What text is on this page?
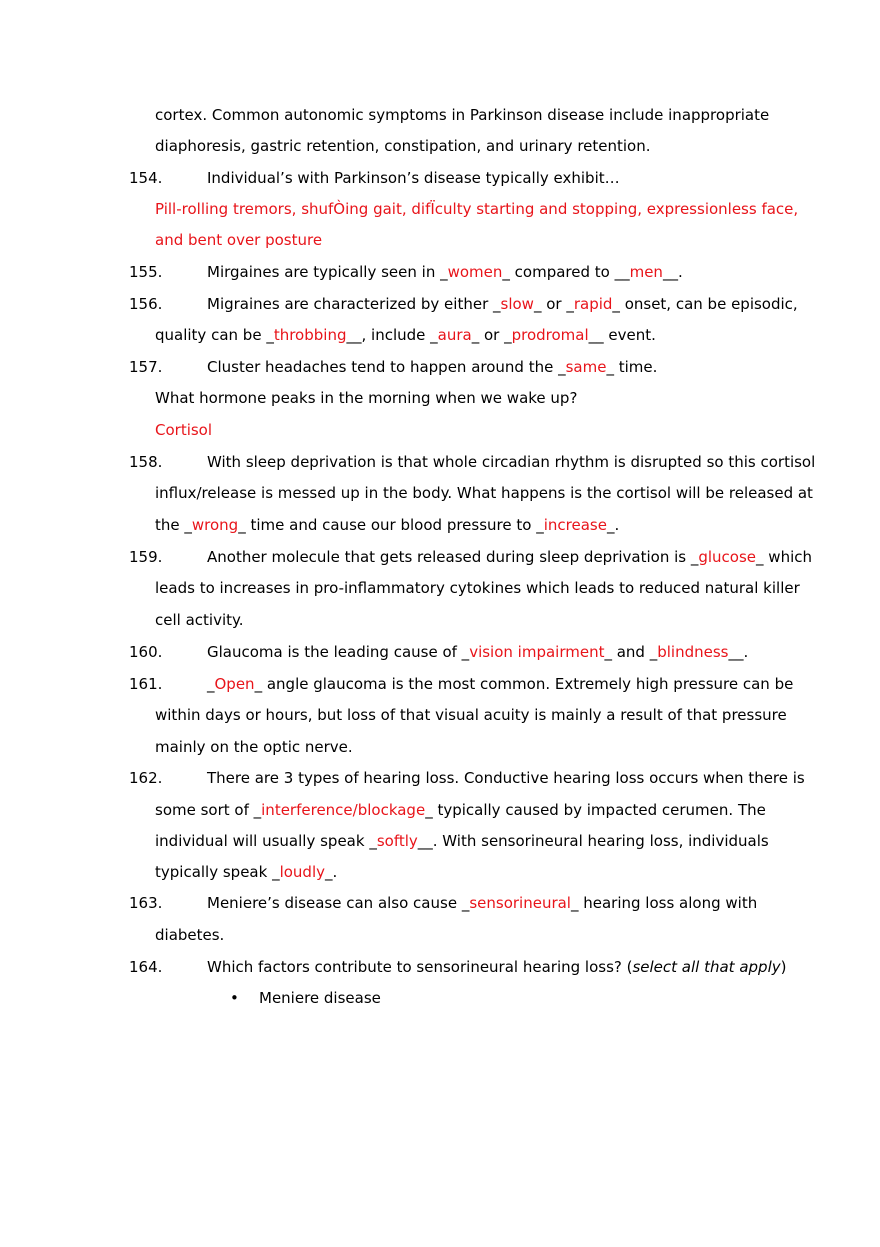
cortex. Common autonomic symptoms in Parkinson disease include inappropriate
diaphoresis, gastric retention, constipation, and urinary retention.
154.	Individual’s with Parkinson’s disease typically exhibit…
Pill-rolling tremors, shufÒing gait, difÏculty starting and stopping, expressionless face,
and bent over posture
155.	Mirgaines are typically seen in _women_ compared to __men__.
156.	Migraines are characterized by either _slow_ or _rapid_ onset, can be episodic,
quality can be _throbbing__, include _aura_ or _prodromal__ event.
157.	Cluster headaches tend to happen around the _same_ time.
What hormone peaks in the morning when we wake up?
Cortisol
158.	With sleep deprivation is that whole circadian rhythm is disrupted so this cortisol
influx/release is messed up in the body. What happens is the cortisol will be released at
the _wrong_ time and cause our blood pressure to _increase_.
159.	Another molecule that gets released during sleep deprivation is _glucose_ which
leads to increases in pro-inflammatory cytokines which leads to reduced natural killer
cell activity.
160.	Glaucoma is the leading cause of _vision impairment_ and _blindness__.
161.	_Open_ angle glaucoma is the most common. Extremely high pressure can be
within days or hours, but loss of that visual acuity is mainly a result of that pressure
mainly on the optic nerve.
162.	There are 3 types of hearing loss. Conductive hearing loss occurs when there is
some sort of _interference/blockage_ typically caused by impacted cerumen. The
individual will usually speak _softly__. With sensorineural hearing loss, individuals
typically speak _loudly_.
163.	Meniere’s disease can also cause _sensorineural_ hearing loss along with
diabetes.
164.	Which factors contribute to sensorineural hearing loss? (select all that apply)
• Meniere disease
